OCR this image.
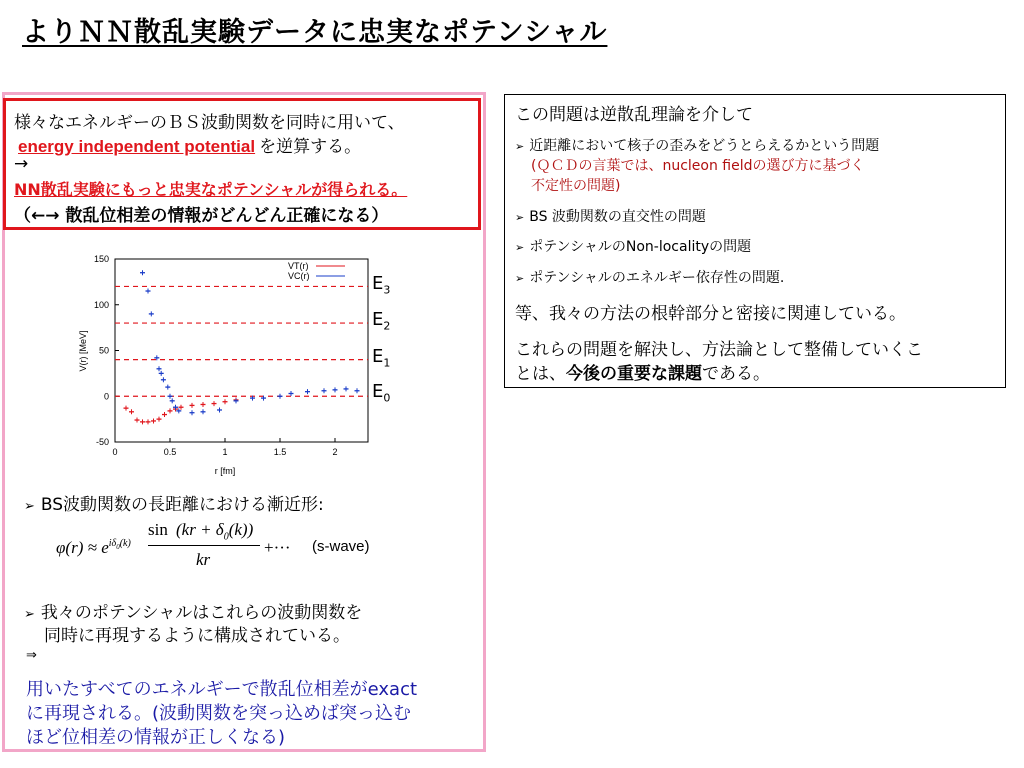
よりＮＮ散乱実験データに忠実なポテンシャル
様々なエネルギーのＢＳ波動関数を同時に用いて、
energy independent potential を逆算する。
→
NN散乱実験にもっと忠実なポテンシャルが得られる。
（←→ 散乱位相差の情報がどんどん正確になる）
0	0.5	1	1.5	2
150
100
50
0
-50
r [fm]
V(r) [MeV]
VT(r)
VC(r)	$E_3$
$E_2$
$E_1$
$E_0$
➢ BS波動関数の長距離における漸近形:
$\varphi(r) \approx e^{i\delta_0(k)}$
$\sin (kr + \delta_0(k))$
kr
+··· (s-wave)
➢ 我々のポテンシャルはこれらの波動関数を
同時に再現するように構成されている。
⇒
用いたすべてのエネルギーで散乱位相差がexact
に再現される。(波動関数を突っ込めば突っ込む
ほど位相差の情報が正しくなる)
この問題は逆散乱理論を介して
➢ 近距離において核子の歪みをどうとらえるかという問題
(ＱＣＤの言葉では、nucleon fieldの選び方に基づく
不定性の問題)
➢ BS 波動関数の直交性の問題
➢ ポテンシャルのNon-localityの問題
➢ ポテンシャルのエネルギー依存性の問題.
等、我々の方法の根幹部分と密接に関連している。
これらの問題を解決し、方法論として整備していくこ
とは、今後の重要な課題である。
